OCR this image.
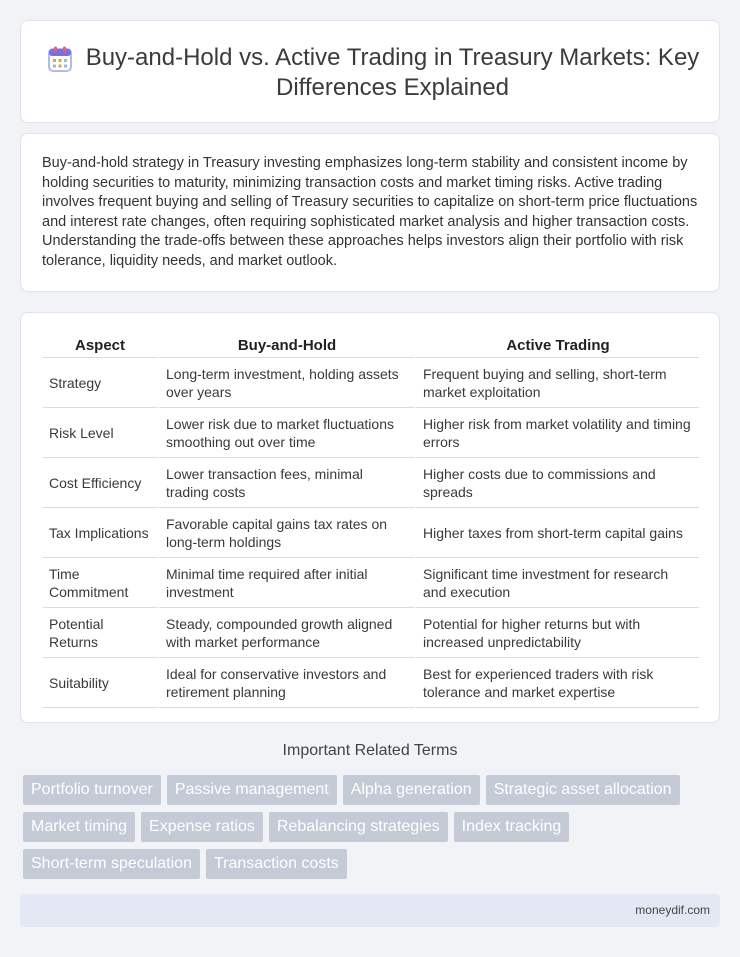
Buy-and-Hold vs. Active Trading in Treasury Markets: Key Differences Explained

Buy-and-hold strategy in Treasury investing emphasizes long-term stability and consistent income by holding securities to maturity, minimizing transaction costs and market timing risks. Active trading involves frequent buying and selling of Treasury securities to capitalize on short-term price fluctuations and interest rate changes, often requiring sophisticated market analysis and higher transaction costs. Understanding the trade-offs between these approaches helps investors align their portfolio with risk tolerance, liquidity needs, and market outlook.

Aspect	Buy-and-Hold	Active Trading
Strategy	Long-term investment, holding assets over years	Frequent buying and selling, short-term market exploitation
Risk Level	Lower risk due to market fluctuations smoothing out over time	Higher risk from market volatility and timing errors
Cost Efficiency	Lower transaction fees, minimal trading costs	Higher costs due to commissions and spreads
Tax Implications	Favorable capital gains tax rates on long-term holdings	Higher taxes from short-term capital gains
Time Commitment	Minimal time required after initial investment	Significant time investment for research and execution
Potential Returns	Steady, compounded growth aligned with market performance	Potential for higher returns but with increased unpredictability
Suitability	Ideal for conservative investors and retirement planning	Best for experienced traders with risk tolerance and market expertise
Important Related Terms
Portfolio turnover	Passive management	Alpha generation	Strategic asset allocation
Market timing	Expense ratios	Rebalancing strategies	Index tracking
Short-term speculation	Transaction costs
moneydif.com
